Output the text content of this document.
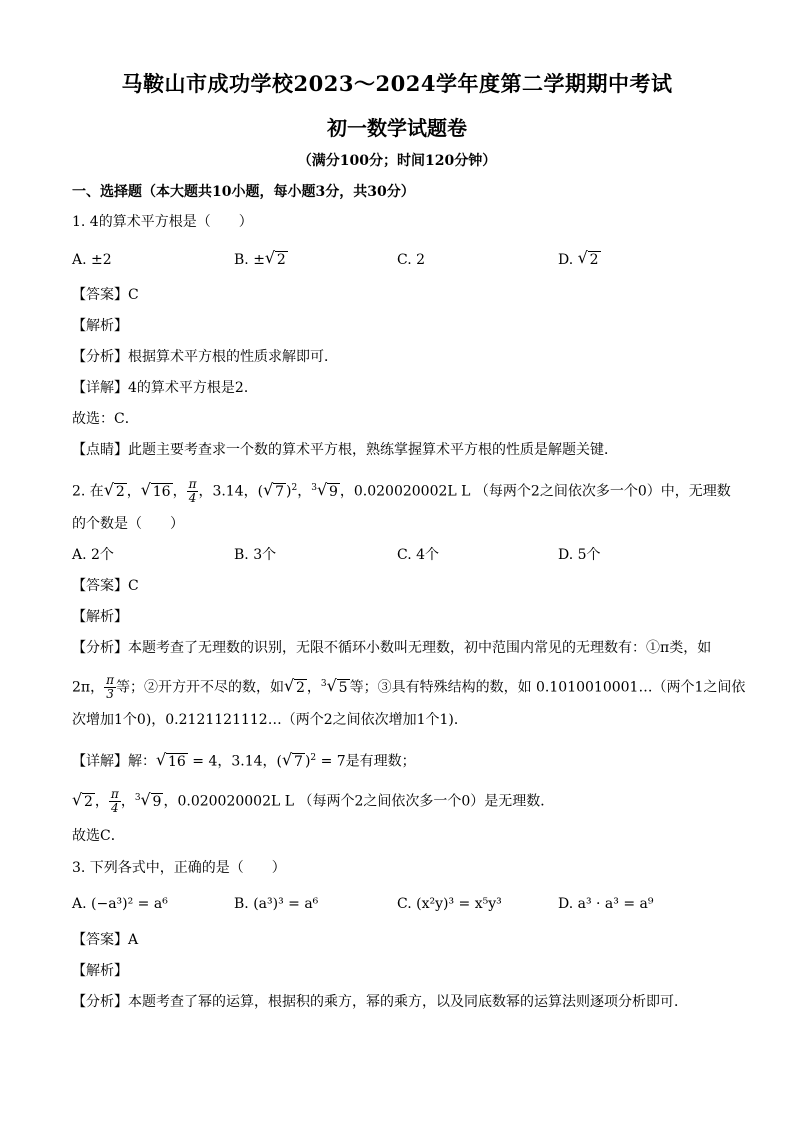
马鞍山市成功学校2023～2024学年度第二学期期中考试
初一数学试题卷
（满分100分；时间120分钟）
一、选择题（本大题共10小题，每小题3分，共30分）
1. 4的算术平方根是（　　）
A. ±2	B. ± √ 2	C. 2	D. √ 2
【答案】C
【解析】
【分析】根据算术平方根的性质求解即可．
【详解】4的算术平方根是2．
故选：C．
【点睛】此题主要考查求一个数的算术平方根，熟练掌握算术平方根的性质是解题关键．
2. 在 √ 2 ， √ 16 ， $\frac{\pi}{4}$ ，3.14，( √ 7 )$^2$，$^3$ √ 9 ，0.020020002L L （每两个2之间依次多一个0）中，无理数
的个数是（　　）
A. 2个	B. 3个	C. 4个	D. 5个
【答案】C
【解析】
【分析】本题考查了无理数的识别，无限不循环小数叫无理数，初中范围内常见的无理数有：①π类，如
2π， $\frac{\pi}{3}$ 等；②开方开不尽的数，如 √ 2 ，$^3$ √ 5 等；③具有特殊结构的数，如 0.1010010001…（两个1之间依
次增加1个0)，0.2121121112…（两个2之间依次增加1个1)．
【详解】解： √ 16 = 4，3.14，( √ 7 )$^2$ = 7是有理数；
√ 2 ， $\frac{\pi}{4}$ ，$^3$ √ 9 ，0.020020002L L （每两个2之间依次多一个0）是无理数．
故选C．
3. 下列各式中，正确的是（　　）
A. (−a³)² = a⁶	B. (a³)³ = a⁶	C. (x²y)³ = x⁵y³	D. a³ · a³ = a⁹
【答案】A
【解析】
【分析】本题考查了幂的运算，根据积的乘方，幂的乘方，以及同底数幂的运算法则逐项分析即可．
